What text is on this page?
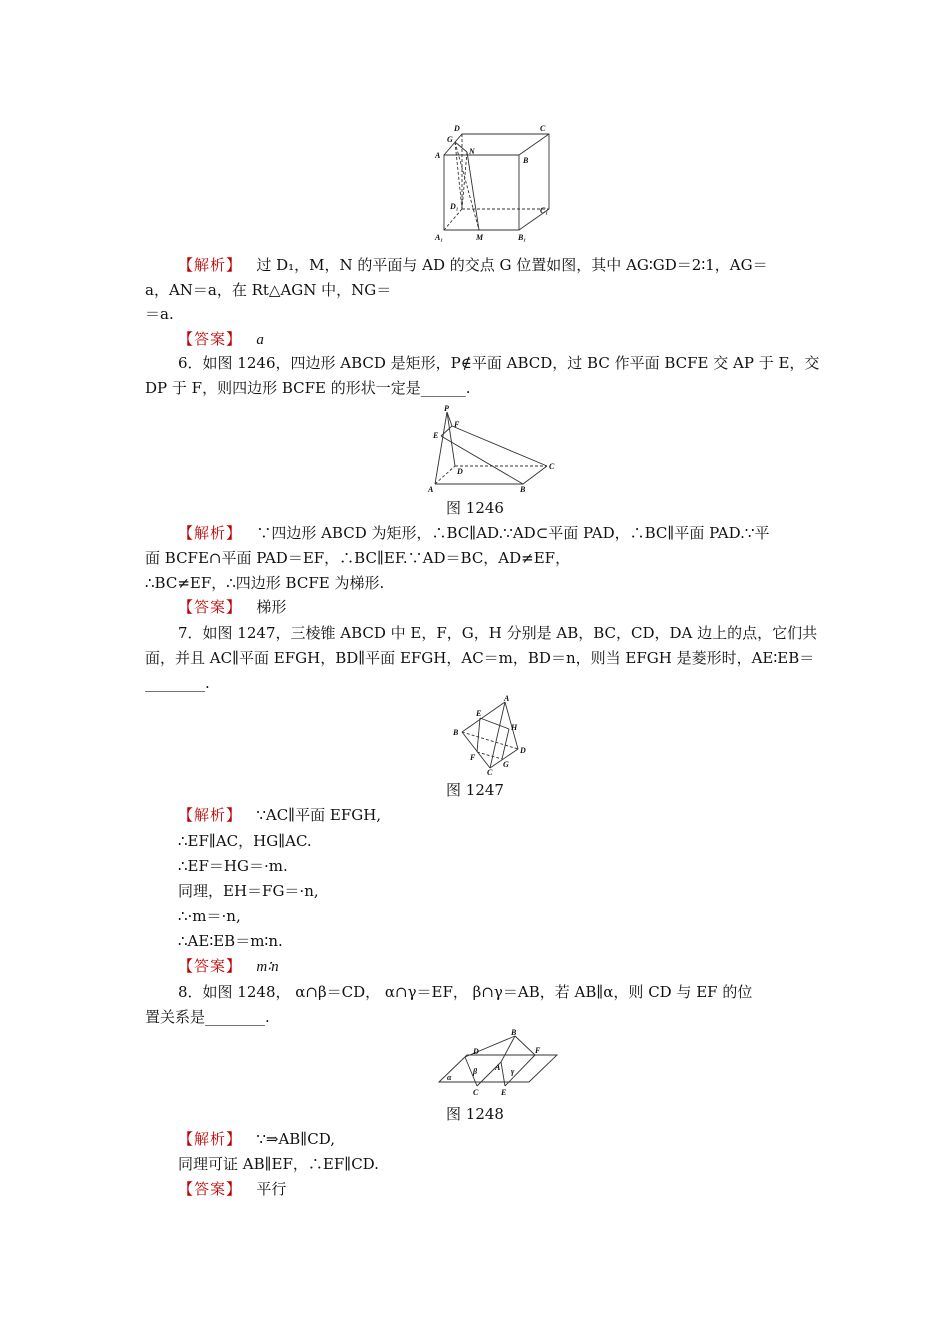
D	C
G
N
A
B
D₁	C₁
A₁	M	B₁
【解析】 过 D₁，M，N 的平面与 AD 的交点 G 位置如图，其中 AG∶GD＝2∶1，AG＝
a，AN＝a，在 Rt△AGN 中，NG＝
＝a.
【答案】 a
6．如图 1246，四边形 ABCD 是矩形，P∉平面 ABCD，过 BC 作平面 BCFE 交 AP 于 E，交
DP 于 F，则四边形 BCFE 的形状一定是______.
P
F
E
D
C
A	B
图 1246
【解析】 ∵四边形 ABCD 为矩形，∴BC∥AD.∵AD⊂平面 PAD，∴BC∥平面 PAD.∵平
面 BCFE∩平面 PAD＝EF，∴BC∥EF.∵AD＝BC，AD≠EF，
∴BC≠EF，∴四边形 BCFE 为梯形.
【答案】 梯形
7．如图 1247，三棱锥 ABCD 中 E，F，G，H 分别是 AB，BC，CD，DA 边上的点，它们共
面，并且 AC∥平面 EFGH，BD∥平面 EFGH，AC＝m，BD＝n，则当 EFGH 是菱形时，AE∶EB＝
________.
A
E
B
H
D
F
G
C
图 1247
【解析】 ∵AC∥平面 EFGH,
∴EF∥AC，HG∥AC.
∴EF＝HG＝·m.
同理，EH＝FG＝·n,
∴·m＝·n,
∴AE∶EB＝m∶n.
【答案】 m∶n
8．如图 1248， α∩β＝CD， α∩γ＝EF， β∩γ＝AB，若 AB∥α，则 CD 与 EF 的位
置关系是________.
B
D	F
β A γ
α
C	E
图 1248
【解析】 ∵⇒AB∥CD,
同理可证 AB∥EF，∴EF∥CD.
【答案】 平行
